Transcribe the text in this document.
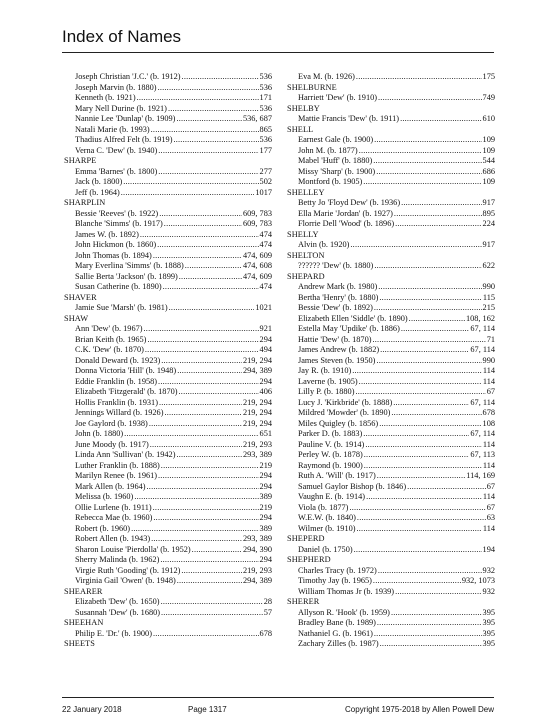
Index of Names
Joseph Christian 'J.C.' (b. 1912) .....	536
Joseph Marvin (b. 1880) .....	536
Kenneth (b. 1921) .....	171
Mary Nell Durine (b. 1921) .....	536
Nannie Lee 'Dunlap' (b. 1909) .....	536, 687
Natali Marie (b. 1993) .....	865
Thadius Alfred Felt (b. 1919) .....	536
Verna C. 'Dew' (b. 1940) .....	177
SHARPE
Emma 'Barnes' (b. 1800) .....	277
Jack (b. 1800) .....	502
Jeff (b. 1964) .....	1017
SHARPLIN
Bessie 'Reeves' (b. 1922) .....	609, 783
Blanche 'Simms' (b. 1917) .....	609, 783
James W. (b. 1892) .....	474
John Hickmon (b. 1860) .....	474
John Thomas (b. 1894) .....	474, 609
Mary Everlina 'Simms' (b. 1888) .....	474, 608
Sallie Berta 'Jackson' (b. 1899) .....	474, 609
Susan Catherine (b. 1890) .....	474
SHAVER
Jamie Sue 'Marsh' (b. 1981) .....	1021
SHAW
Ann 'Dew' (b. 1967) .....	921
Brian Keith (b. 1965) .....	294
C.K. 'Dew' (b. 1870) .....	494
Donald Deward (b. 1923) .....	219, 294
Donna Victoria 'Hill' (b. 1948) .....	294, 389
Eddie Franklin (b. 1958) .....	294
Elizabeth 'Fitzgerald' (b. 1870) .....	406
Hollis Franklin (b. 1931) .....	219, 294
Jennings Willard (b. 1926) .....	219, 294
Joe Gaylord (b. 1938) .....	219, 294
John (b. 1880) .....	651
June Moody (b. 1917) .....	219, 293
Linda Ann 'Sullivan' (b. 1942) .....	293, 389
Luther Franklin (b. 1888) .....	219
Marilyn Renee (b. 1961) .....	294
Mark Allen (b. 1964) .....	294
Melissa (b. 1960) .....	389
Ollie Lurlene (b. 1911) .....	219
Rebecca Mae (b. 1960) .....	294
Robert (b. 1960) .....	389
Robert Allen (b. 1943) .....	293, 389
Sharon Louise 'Pierdolla' (b. 1952) .....	294, 390
Sherry Malinda (b. 1962) .....	294
Virgie Ruth 'Gooding' (b. 1912) .....	219, 293
Virginia Gail 'Owen' (b. 1948) .....	294, 389
SHEARER
Elizabeth 'Dew' (b. 1650) .....	28
Susannah 'Dew' (b. 1680) .....	57
SHEEHAN
Philip E. 'Dr.' (b. 1900) .....	678
SHEETS
Eva M. (b. 1926) .....	175
SHELBURNE
Harriett 'Dew' (b. 1910) .....	749
SHELBY
Mattie Francis 'Dew' (b. 1911) .....	610
SHELL
Earnest Gale (b. 1900) .....	109
John M. (b. 1877) .....	109
Mabel 'Huff' (b. 1880) .....	544
Missy 'Sharp' (b. 1900) .....	686
Montford (b. 1905) .....	109
SHELLEY
Betty Jo 'Floyd Dew' (b. 1936) .....	917
Ella Marie 'Jordan' (b. 1927) .....	895
Florrie Dell 'Wood' (b. 1896) .....	224
SHELLY
Alvin (b. 1920) .....	917
SHELTON
?????? 'Dew' (b. 1880) .....	622
SHEPARD
Andrew Mark (b. 1980) .....	990
Bertha 'Henry' (b. 1880) .....	115
Bessie 'Dew' (b. 1892) .....	215
Elizabeth Ellen 'Siddle' (b. 1890) .....	108, 162
Estella May 'Updike' (b. 1886) .....	67, 114
Hattie 'Dew' (b. 1870) .....	71
James Andrew (b. 1882) .....	67, 114
James Steven (b. 1950) .....	990
Jay R. (b. 1910) .....	114
Laverne (b. 1905) .....	114
Lilly P. (b. 1880) .....	67
Lucy J. 'Kirkbride' (b. 1888) .....	67, 114
Mildred 'Mowder' (b. 1890) .....	678
Miles Quigley (b. 1856) .....	108
Parker D. (b. 1883) .....	67, 114
Pauline V. (b. 1914) .....	114
Perley W. (b. 1878) .....	67, 113
Raymond (b. 1900) .....	114
Ruth A. 'Will' (b. 1917) .....	114, 169
Samuel Gaylor Bishop (b. 1846) .....	67
Vaughn E. (b. 1914) .....	114
Viola (b. 1877) .....	67
W.E.W. (b. 1840) .....	63
Wilmer (b. 1910) .....	114
SHEPERD
Daniel (b. 1750) .....	194
SHEPHERD
Charles Tracy (b. 1972) .....	932
Timothy Jay (b. 1965) .....	932, 1073
William Thomas Jr (b. 1939) .....	932
SHERER
Allyson R. 'Hook' (b. 1959) .....	395
Bradley Bane (b. 1989) .....	395
Nathaniel G. (b. 1961) .....	395
Zachary Zilles (b. 1987) .....	395
22 January 2018	Page 1317	Copyright 1975-2018 by Allen Powell Dew
